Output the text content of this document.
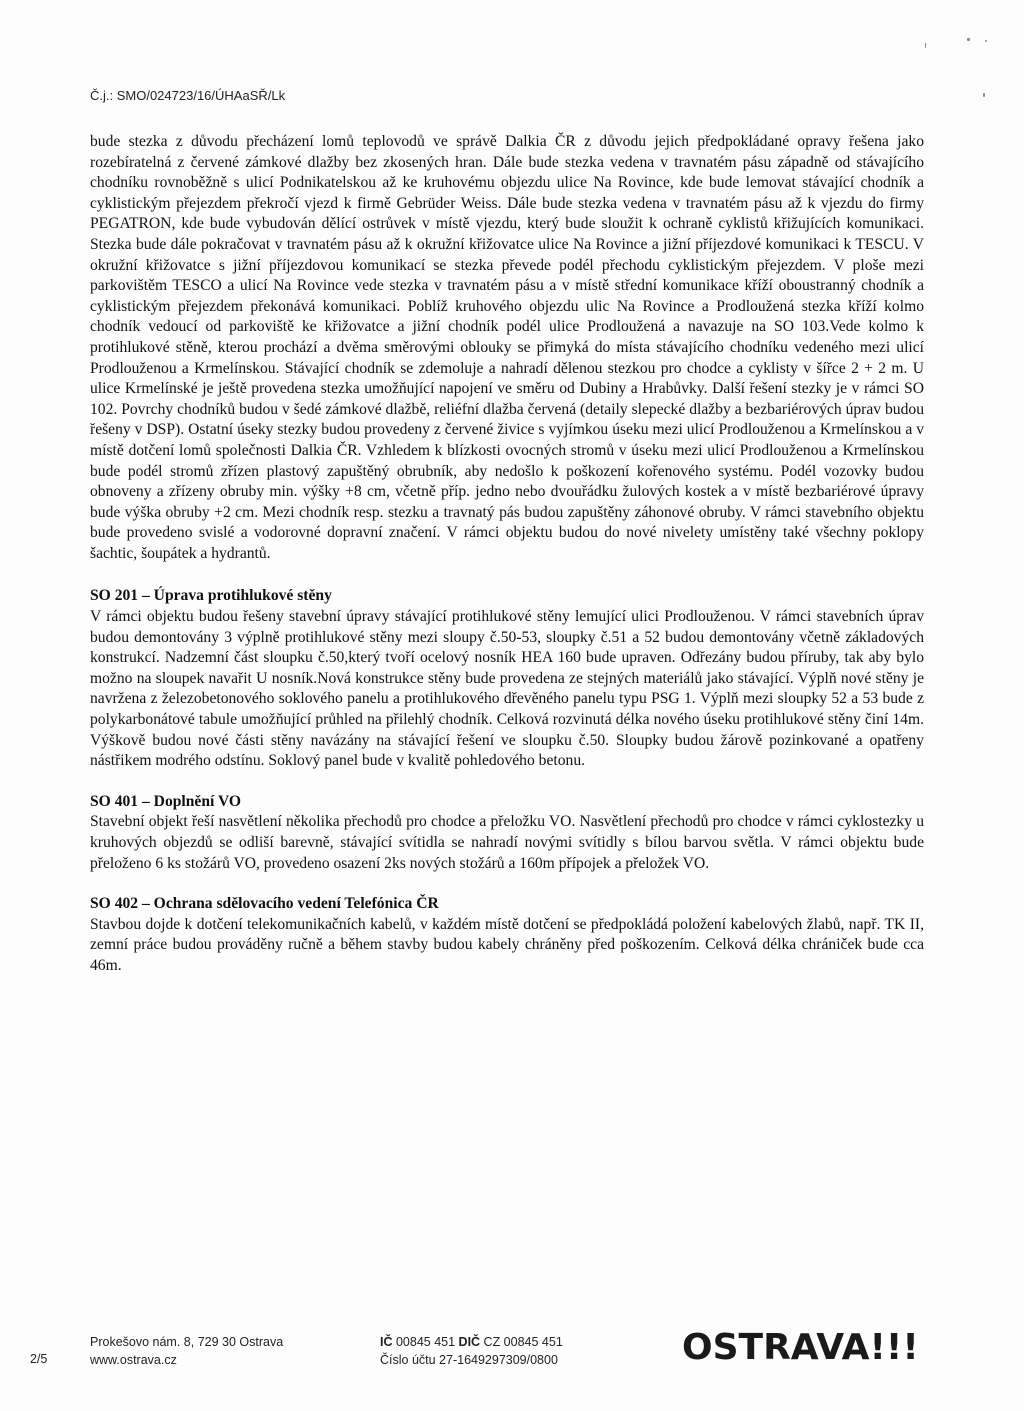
Č.j.: SMO/024723/16/ÚHAaSŘ/Lk

bude stezka z důvodu přecházení lomů teplovodů ve správě Dalkia ČR z důvodu jejich předpokládané opravy řešena jako rozebíratelná z červené zámkové dlažby bez zkosených hran. Dále bude stezka vedena v travnatém pásu západně od stávajícího chodníku rovnoběžně s ulicí Podnikatelskou až ke kruhovému objezdu ulice Na Rovince, kde bude lemovat stávající chodník a cyklistickým přejezdem překročí vjezd k firmě Gebrüder Weiss. Dále bude stezka vedena v travnatém pásu až k vjezdu do firmy PEGATRON, kde bude vybudován dělící ostrůvek v místě vjezdu, který bude sloužit k ochraně cyklistů křižujících komunikaci. Stezka bude dále pokračovat v travnatém pásu až k okružní křižovatce ulice Na Rovince a jižní příjezdové komunikaci k TESCU. V okružní křižovatce s jižní příjezdovou komunikací se stezka převede podél přechodu cyklistickým přejezdem. V ploše mezi parkovištěm TESCO a ulicí Na Rovince vede stezka v travnatém pásu a v místě střední komunikace kříží oboustranný chodník a cyklistickým přejezdem překonává komunikaci. Poblíž kruhového objezdu ulic Na Rovince a Prodloužená stezka kříží kolmo chodník vedoucí od parkoviště ke křižovatce a jižní chodník podél ulice Prodloužená a navazuje na SO 103.Vede kolmo k protihlukové stěně, kterou prochází a dvěma směrovými oblouky se přimyká do místa stávajícího chodníku vedeného mezi ulicí Prodlouženou a Krmelínskou. Stávající chodník se zdemoluje a nahradí dělenou stezkou pro chodce a cyklisty v šířce 2 + 2 m. U ulice Krmelínské je ještě provedena stezka umožňující napojení ve směru od Dubiny a Hrabůvky. Další řešení stezky je v rámci SO 102. Povrchy chodníků budou v šedé zámkové dlažbě, reliéfní dlažba červená (detaily slepecké dlažby a bezbariérových úprav budou řešeny v DSP). Ostatní úseky stezky budou provedeny z červené živice s vyjímkou úseku mezi ulicí Prodlouženou a Krmelínskou a v místě dotčení lomů společnosti Dalkia ČR. Vzhledem k blízkosti ovocných stromů v úseku mezi ulicí Prodlouženou a Krmelínskou bude podél stromů zřízen plastový zapuštěný obrubník, aby nedošlo k poškození kořenového systému. Podél vozovky budou obnoveny a zřízeny obruby min. výšky +8 cm, včetně příp. jedno nebo dvouřádku žulových kostek a v místě bezbariérové úpravy bude výška obruby +2 cm. Mezi chodník resp. stezku a travnatý pás budou zapuštěny záhonové obruby. V rámci stavebního objektu bude provedeno svislé a vodorovné dopravní značení. V rámci objektu budou do nové nivelety umístěny také všechny poklopy šachtic, šoupátek a hydrantů.

SO 201 – Úprava protihlukové stěny

V rámci objektu budou řešeny stavební úpravy stávající protihlukové stěny lemující ulici Prodlouženou. V rámci stavebních úprav budou demontovány 3 výplně protihlukové stěny mezi sloupy č.50-53, sloupky č.51 a 52 budou demontovány včetně základových konstrukcí. Nadzemní část sloupku č.50,který tvoří ocelový nosník HEA 160 bude upraven. Odřezány budou příruby, tak aby bylo možno na sloupek navařit U nosník.Nová konstrukce stěny bude provedena ze stejných materiálů jako stávající. Výplň nové stěny je navržena z železobetonového soklového panelu a protihlukového dřevěného panelu typu PSG 1. Výplň mezi sloupky 52 a 53 bude z polykarbonátové tabule umožňující průhled na přilehlý chodník. Celková rozvinutá délka nového úseku protihlukové stěny činí 14m. Výškově budou nové části stěny navázány na stávající řešení ve sloupku č.50. Sloupky budou žárově pozinkované a opatřeny nástřikem modrého odstínu. Soklový panel bude v kvalitě pohledového betonu.

SO 401 – Doplnění VO

Stavební objekt řeší nasvětlení několika přechodů pro chodce a přeložku VO. Nasvětlení přechodů pro chodce v rámci cyklostezky u kruhových objezdů se odliší barevně, stávající svítidla se nahradí novými svítidly s bílou barvou světla. V rámci objektu bude přeloženo 6 ks stožárů VO, provedeno osazení 2ks nových stožárů a 160m přípojek a přeložek VO.

SO 402 – Ochrana sdělovacího vedení Telefónica ČR

Stavbou dojde k dotčení telekomunikačních kabelů, v každém místě dotčení se předpokládá položení kabelových žlabů, např. TK II, zemní práce budou prováděny ručně a během stavby budou kabely chráněny před poškozením. Celková délka chrániček bude cca 46m.

2/5
Prokešovo nám. 8, 729 30 Ostrava
www.ostrava.cz
IČ 00845 451 DIČ CZ 00845 451
Číslo účtu 27-1649297309/0800	OSTRAVA!!!
